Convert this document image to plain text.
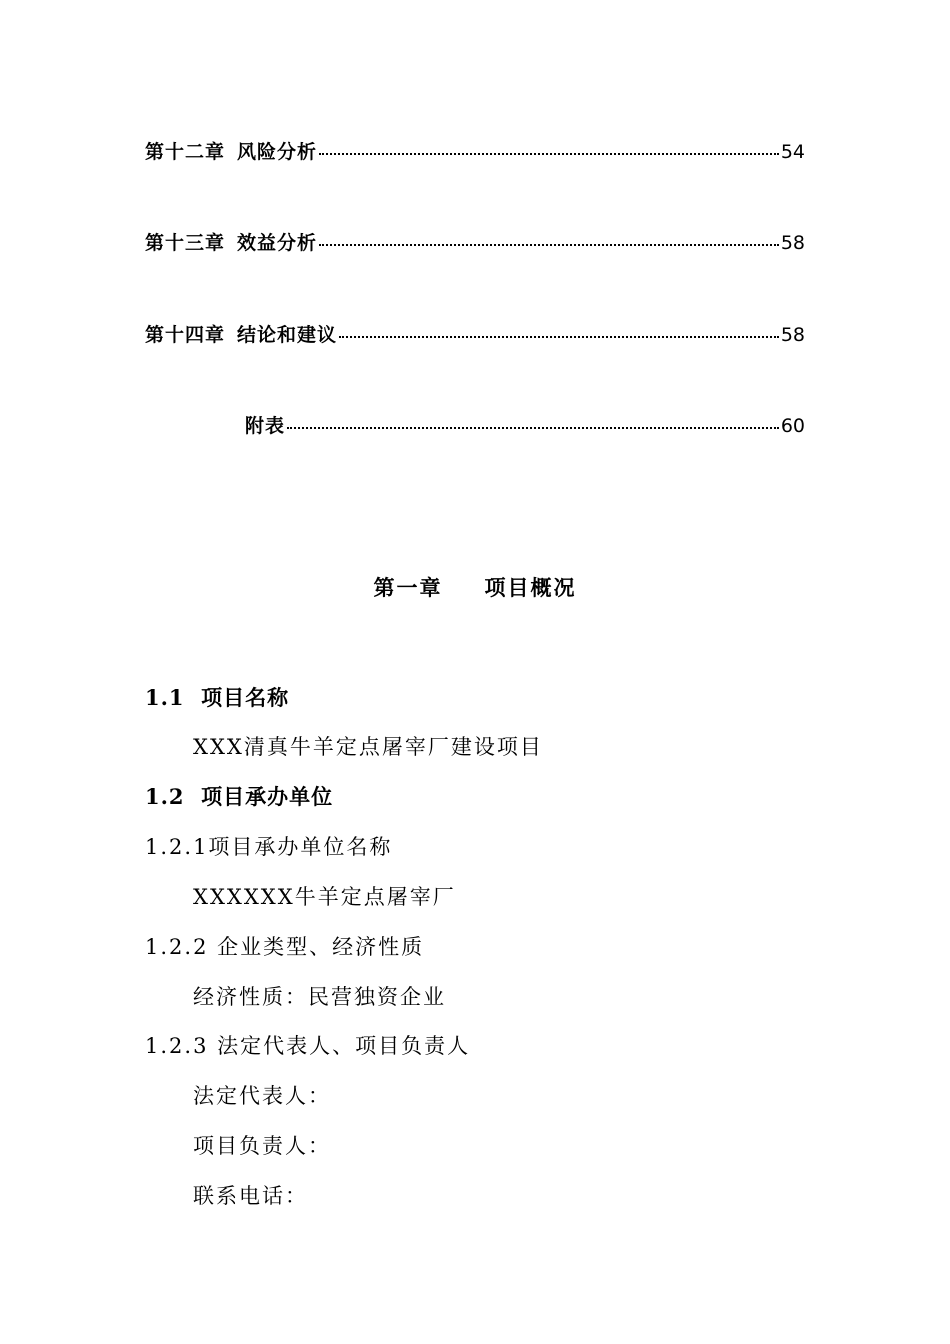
第十二章 风险分析	54
第十三章 效益分析	58
第十四章 结论和建议	58
附表	60
第一章 项目概况
1.1  项目名称
XXX清真牛羊定点屠宰厂建设项目
1.2  项目承办单位
1.2.1项目承办单位名称
XXXXXX牛羊定点屠宰厂
1.2.2 企业类型、经济性质
经济性质：民营独资企业
1.2.3 法定代表人、项目负责人
法定代表人：
项目负责人：
联系电话：
